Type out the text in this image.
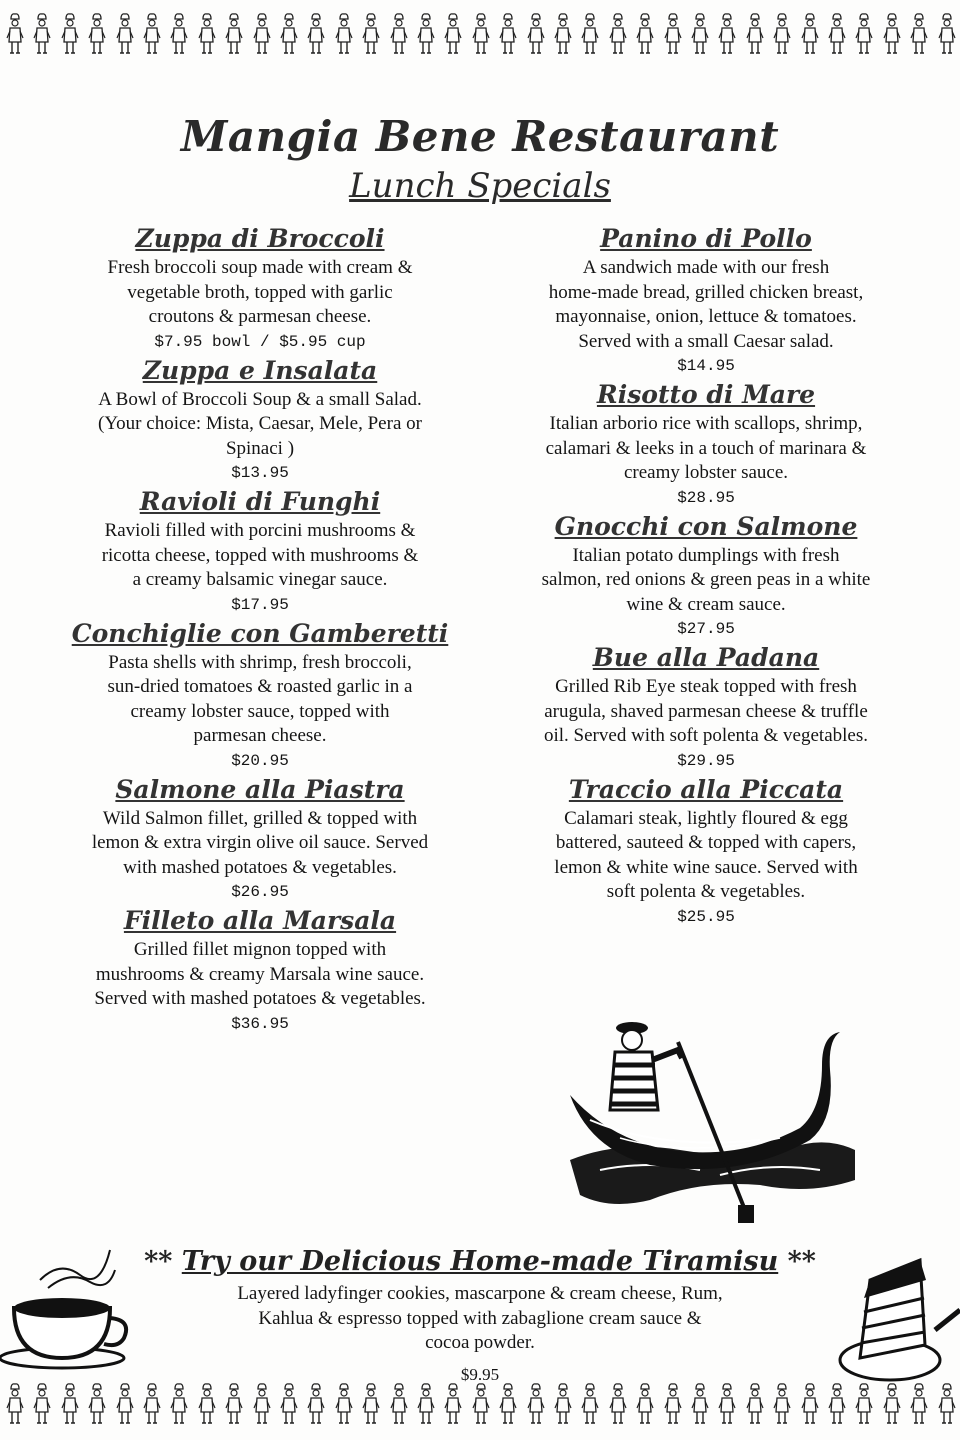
Mangia Bene Restaurant
Lunch Specials
Zuppa di Broccoli
Fresh broccoli soup made with cream &
vegetable broth, topped with garlic
croutons & parmesan cheese.
$7.95 bowl / $5.95 cup
Zuppa e Insalata
A Bowl of Broccoli Soup & a small Salad.
(Your choice: Mista, Caesar, Mele, Pera or
Spinaci )
$13.95
Ravioli di Funghi
Ravioli filled with porcini mushrooms &
ricotta cheese, topped with mushrooms &
a creamy balsamic vinegar sauce.
$17.95
Conchiglie con Gamberetti
Pasta shells with shrimp, fresh broccoli,
sun-dried tomatoes & roasted garlic in a
creamy lobster sauce, topped with
parmesan cheese.
$20.95
Salmone alla Piastra
Wild Salmon fillet, grilled & topped with
lemon & extra virgin olive oil sauce. Served
with mashed potatoes & vegetables.
$26.95
Filleto alla Marsala
Grilled fillet mignon topped with
mushrooms & creamy Marsala wine sauce.
Served with mashed potatoes & vegetables.
$36.95
Panino di Pollo
A sandwich made with our fresh
home-made bread, grilled chicken breast,
mayonnaise, onion, lettuce & tomatoes.
Served with a small Caesar salad.
$14.95
Risotto di Mare
Italian arborio rice with scallops, shrimp,
calamari & leeks in a touch of marinara &
creamy lobster sauce.
$28.95
Gnocchi con Salmone
Italian potato dumplings with fresh
salmon, red onions & green peas in a white
wine & cream sauce.
$27.95
Bue alla Padana
Grilled Rib Eye steak topped with fresh
arugula, shaved parmesan cheese & truffle
oil. Served with soft polenta & vegetables.
$29.95
Traccio alla Piccata
Calamari steak, lightly floured & egg
battered, sauteed & topped with capers,
lemon & white wine sauce. Served with
soft polenta & vegetables.
$25.95
** Try our Delicious Home-made Tiramisu **
Layered ladyfinger cookies, mascarpone & cream cheese, Rum,
Kahlua & espresso topped with zabaglione cream sauce &
cocoa powder.
$9.95
